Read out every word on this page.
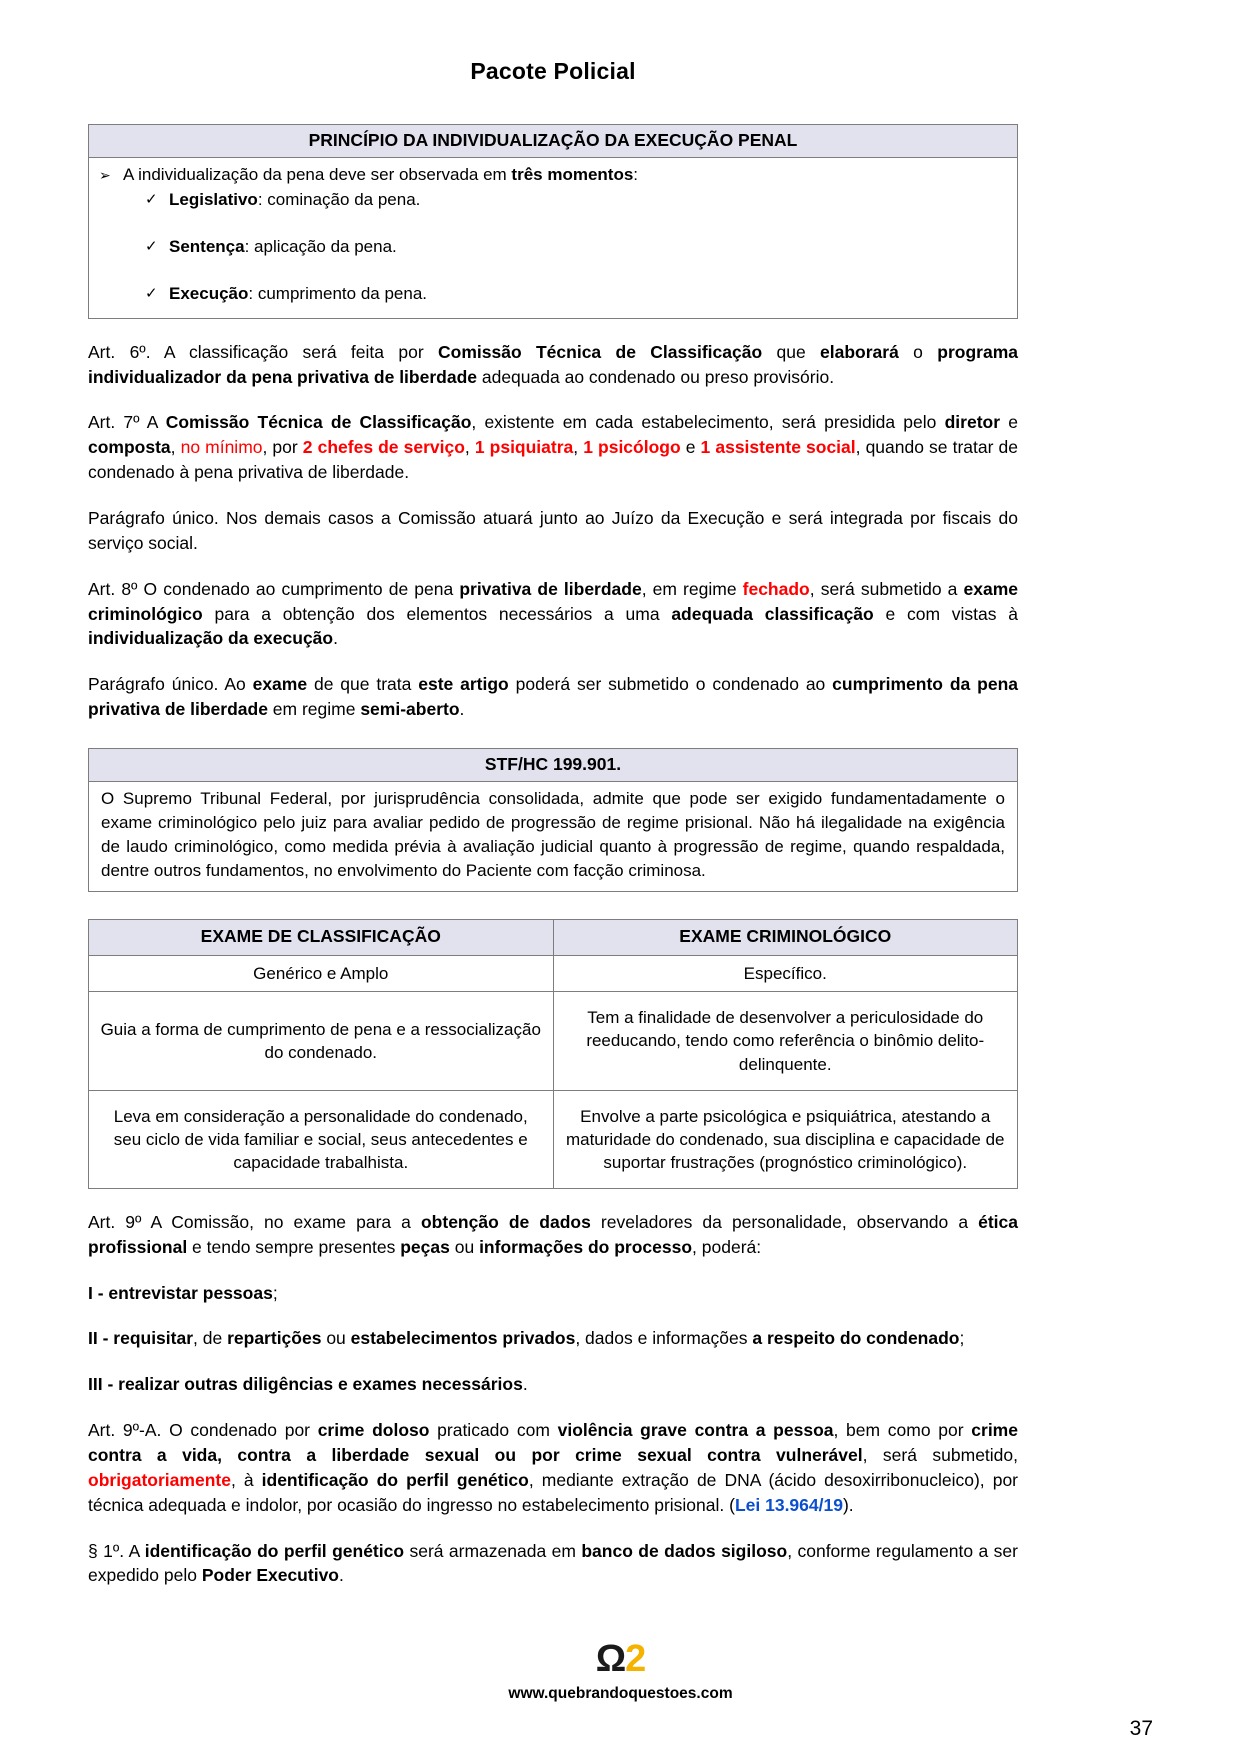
Pacote Policial
PRINCÍPIO DA INDIVIDUALIZAÇÃO DA EXECUÇÃO PENAL
➢ A individualização da pena deve ser observada em três momentos:
✓ Legislativo: cominação da pena.
✓ Sentença: aplicação da pena.
✓ Execução: cumprimento da pena.

Art. 6º. A classificação será feita por Comissão Técnica de Classificação que elaborará o programa individualizador da pena privativa de liberdade adequada ao condenado ou preso provisório.

Art. 7º A Comissão Técnica de Classificação, existente em cada estabelecimento, será presidida pelo diretor e composta, no mínimo, por 2 chefes de serviço, 1 psiquiatra, 1 psicólogo e 1 assistente social, quando se tratar de condenado à pena privativa de liberdade.

Parágrafo único. Nos demais casos a Comissão atuará junto ao Juízo da Execução e será integrada por fiscais do serviço social.

Art. 8º O condenado ao cumprimento de pena privativa de liberdade, em regime fechado, será submetido a exame criminológico para a obtenção dos elementos necessários a uma adequada classificação e com vistas à individualização da execução.

Parágrafo único. Ao exame de que trata este artigo poderá ser submetido o condenado ao cumprimento da pena privativa de liberdade em regime semi-aberto.

STF/HC 199.901.
O Supremo Tribunal Federal, por jurisprudência consolidada, admite que pode ser exigido fundamentadamente o exame criminológico pelo juiz para avaliar pedido de progressão de regime prisional. Não há ilegalidade na exigência de laudo criminológico, como medida prévia à avaliação judicial quanto à progressão de regime, quando respaldada, dentre outros fundamentos, no envolvimento do Paciente com facção criminosa.
EXAME DE CLASSIFICAÇÃO	EXAME CRIMINOLÓGICO
Genérico e Amplo	Específico.
Guia a forma de cumprimento de pena e a ressocialização do condenado.	Tem a finalidade de desenvolver a periculosidade do reeducando, tendo como referência o binômio delito-delinquente.
Leva em consideração a personalidade do condenado, seu ciclo de vida familiar e social, seus antecedentes e capacidade trabalhista.	Envolve a parte psicológica e psiquiátrica, atestando a maturidade do condenado, sua disciplina e capacidade de suportar frustrações (prognóstico criminológico).

Art. 9º A Comissão, no exame para a obtenção de dados reveladores da personalidade, observando a ética profissional e tendo sempre presentes peças ou informações do processo, poderá:

I - entrevistar pessoas;

II - requisitar, de repartições ou estabelecimentos privados, dados e informações a respeito do condenado;

III - realizar outras diligências e exames necessários.

Art. 9º-A. O condenado por crime doloso praticado com violência grave contra a pessoa, bem como por crime contra a vida, contra a liberdade sexual ou por crime sexual contra vulnerável, será submetido, obrigatoriamente, à identificação do perfil genético, mediante extração de DNA (ácido desoxirribonucleico), por técnica adequada e indolor, por ocasião do ingresso no estabelecimento prisional. (Lei 13.964/19).

§ 1º. A identificação do perfil genético será armazenada em banco de dados sigiloso, conforme regulamento a ser expedido pelo Poder Executivo.

Ω2
www.quebrandoquestoes.com
37
